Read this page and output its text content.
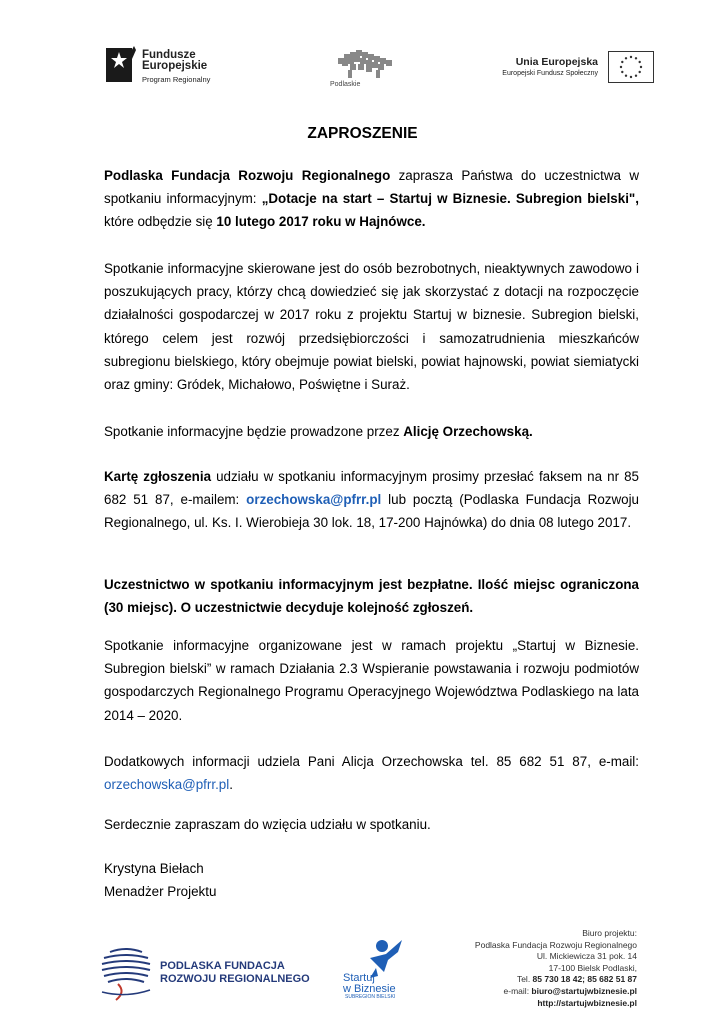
Fundusze
Europejskie
Program Regionalny
Podlaskie
Unia Europejska
Europejski Fundusz Społeczny
ZAPROSZENIE

Podlaska Fundacja Rozwoju Regionalnego zaprasza Państwa do uczestnictwa w spotkaniu informacyjnym: „Dotacje na start – Startuj w Biznesie. Subregion bielski", które odbędzie się 10 lutego 2017 roku w Hajnówce.

Spotkanie informacyjne skierowane jest do osób bezrobotnych, nieaktywnych zawodowo i poszukujących pracy, którzy chcą dowiedzieć się jak skorzystać z dotacji na rozpoczęcie działalności gospodarczej w 2017 roku z projektu Startuj w biznesie. Subregion bielski, którego celem jest rozwój przedsiębiorczości i samozatrudnienia mieszkańców subregionu bielskiego, który obejmuje powiat bielski, powiat hajnowski, powiat siemiatycki oraz gminy: Gródek, Michałowo, Poświętne i Suraż.

Spotkanie informacyjne będzie prowadzone przez Alicję Orzechowską.

Kartę zgłoszenia udziału w spotkaniu informacyjnym prosimy przesłać faksem na nr 85 682 51 87, e-mailem: orzechowska@pfrr.pl lub pocztą (Podlaska Fundacja Rozwoju Regionalnego, ul. Ks. I. Wierobieja 30 lok. 18, 17-200 Hajnówka) do dnia 08 lutego 2017.

Uczestnictwo w spotkaniu informacyjnym jest bezpłatne. Ilość miejsc ograniczona (30 miejsc). O uczestnictwie decyduje kolejność zgłoszeń.

Spotkanie informacyjne organizowane jest w ramach projektu „Startuj w Biznesie. Subregion bielski” w ramach Działania 2.3 Wspieranie powstawania i rozwoju podmiotów gospodarczych Regionalnego Programu Operacyjnego Województwa Podlaskiego na lata 2014 – 2020.

Dodatkowych informacji udziela Pani Alicja Orzechowska tel. 85 682 51 87, e-mail: orzechowska@pfrr.pl.

Serdecznie zapraszam do wzięcia udziału w spotkaniu.

Krystyna Biełach
Menadżer Projektu
PODLASKA FUNDACJA
ROZWOJU REGIONALNEGO	Startuj
w Biznesie
SUBREGION BIELSKI
Biuro projektu:
Podlaska Fundacja Rozwoju Regionalnego
Ul. Mickiewicza 31 pok. 14
17-100 Bielsk Podlaski,
Tel. 85 730 18 42; 85 682 51 87
e-mail: biuro@startujwbiznesie.pl
http://startujwbiznesie.pl
